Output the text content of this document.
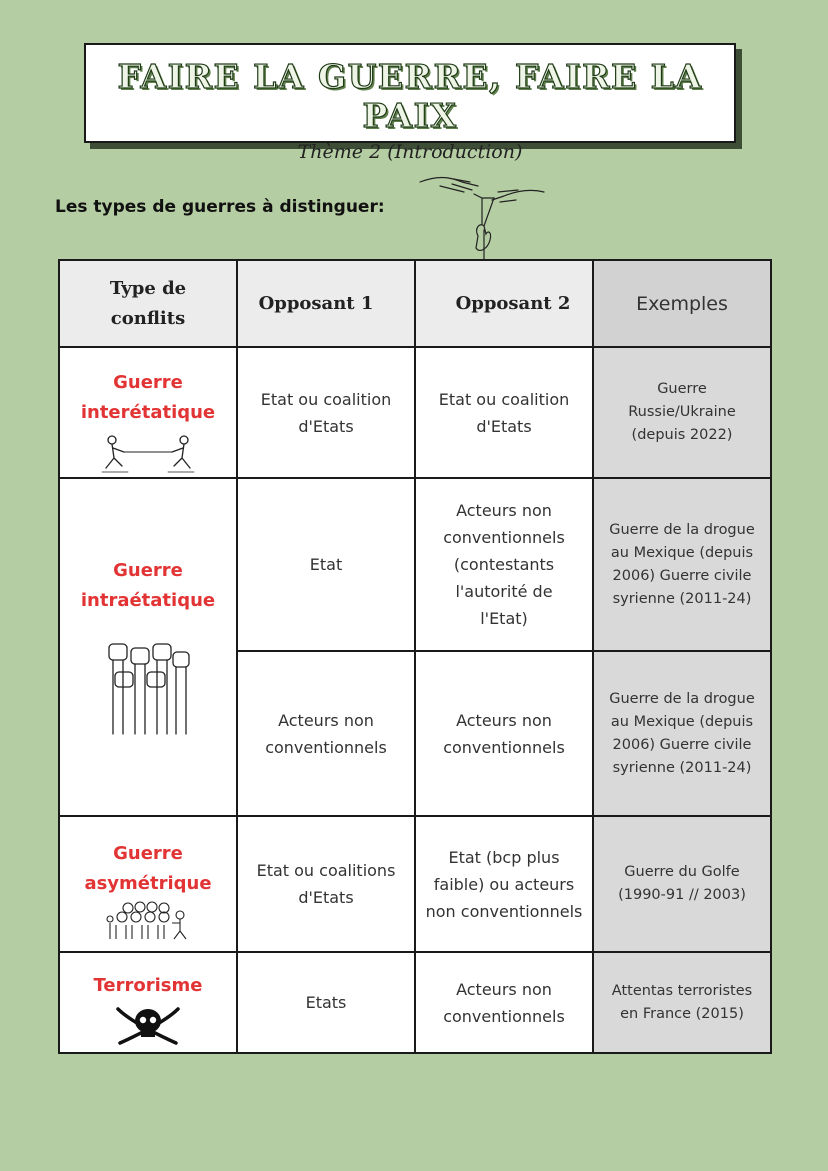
FAIRE LA GUERRE, FAIRE LA PAIX
Thème 2 (Introduction)
Les types de guerres à distinguer:
Type de conflits	Opposant 1	Opposant 2	Exemples

Guerre interétatique	Etat ou coalition d'Etats	Etat ou coalition d'Etats	Guerre Russie/Ukraine (depuis 2022)

Guerre intraétatique	Etat	Acteurs non conventionnels (contestants l'autorité de l'Etat)	Guerre de la drogue au Mexique (depuis 2006) Guerre civile syrienne (2011-24)

	Acteurs non conventionnels	Acteurs non conventionnels	Guerre de la drogue au Mexique (depuis 2006) Guerre civile syrienne (2011-24)

Guerre asymétrique	Etat ou coalitions d'Etats	Etat (bcp plus faible) ou acteurs non conventionnels	Guerre du Golfe (1990-91 // 2003)

Terrorisme	Etats	Acteurs non conventionnels	Attentas terroristes en France (2015)
